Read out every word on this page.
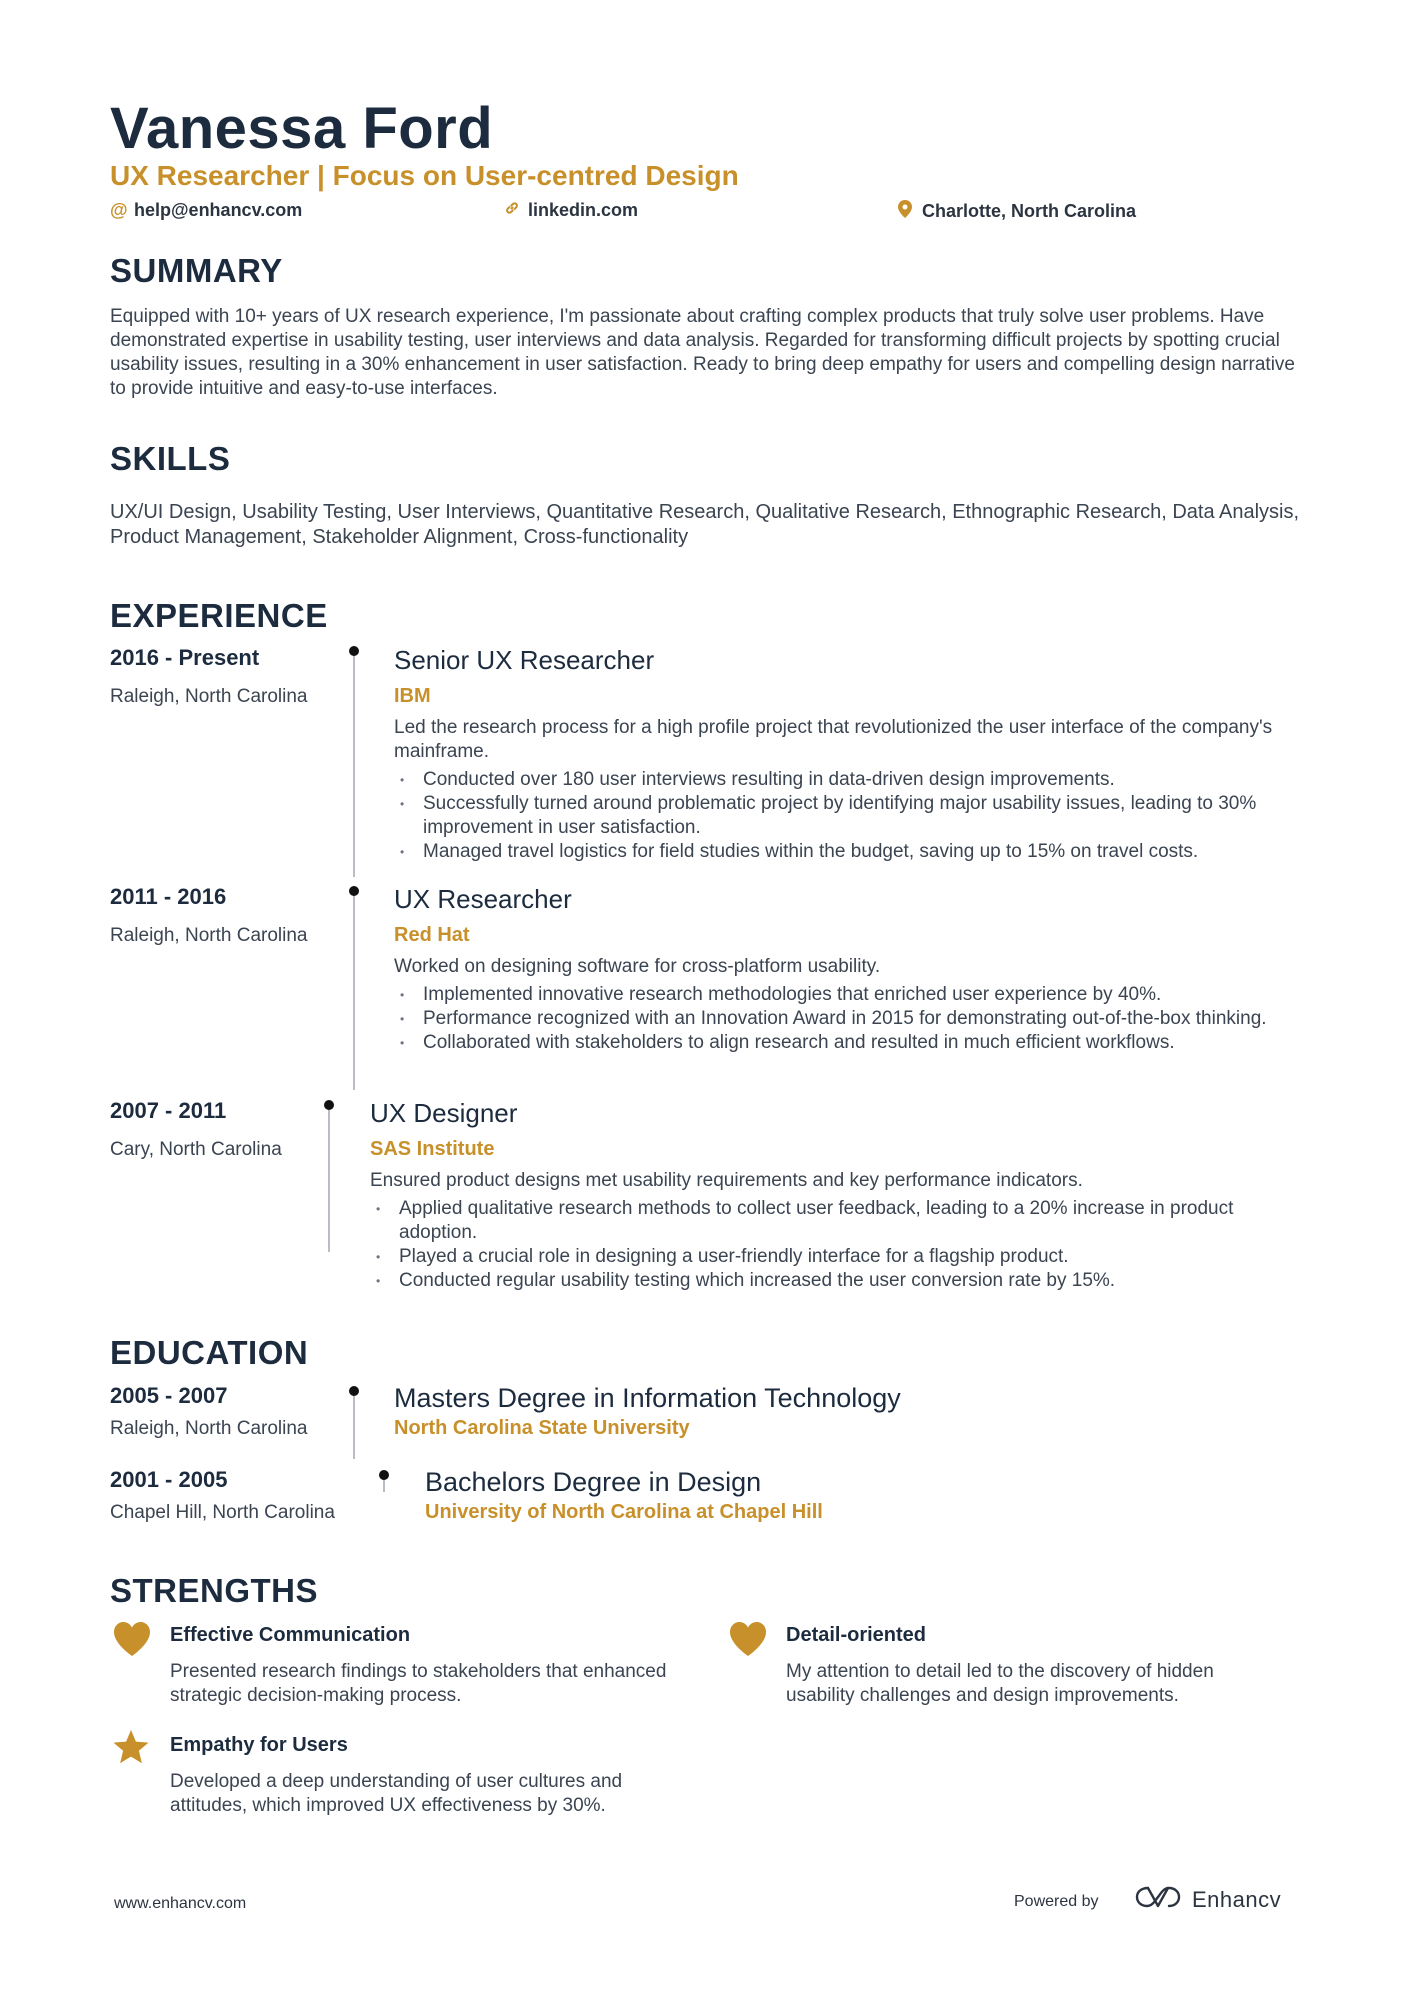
Vanessa Ford
UX Researcher | Focus on User-centred Design
@ help@enhancv.com	linkedin.com	Charlotte, North Carolina
SUMMARY
Equipped with 10+ years of UX research experience, I'm passionate about crafting complex products that truly solve user problems. Have demonstrated expertise in usability testing, user interviews and data analysis. Regarded for transforming difficult projects by spotting crucial usability issues, resulting in a 30% enhancement in user satisfaction. Ready to bring deep empathy for users and compelling design narrative to provide intuitive and easy-to-use interfaces.
SKILLS
UX/UI Design, Usability Testing, User Interviews, Quantitative Research, Qualitative Research, Ethnographic Research, Data Analysis, Product Management, Stakeholder Alignment, Cross-functionality
EXPERIENCE
2016 - Present
Raleigh, North Carolina
Senior UX Researcher
IBM
Led the research process for a high profile project that revolutionized the user interface of the company's mainframe.
• Conducted over 180 user interviews resulting in data-driven design improvements.
• Successfully turned around problematic project by identifying major usability issues, leading to 30% improvement in user satisfaction.
• Managed travel logistics for field studies within the budget, saving up to 15% on travel costs.
2011 - 2016
Raleigh, North Carolina
UX Researcher
Red Hat
Worked on designing software for cross-platform usability.
• Implemented innovative research methodologies that enriched user experience by 40%.
• Performance recognized with an Innovation Award in 2015 for demonstrating out-of-the-box thinking.
• Collaborated with stakeholders to align research and resulted in much efficient workflows.
2007 - 2011
Cary, North Carolina
UX Designer
SAS Institute
Ensured product designs met usability requirements and key performance indicators.
• Applied qualitative research methods to collect user feedback, leading to a 20% increase in product adoption.
• Played a crucial role in designing a user-friendly interface for a flagship product.
• Conducted regular usability testing which increased the user conversion rate by 15%.
EDUCATION
2005 - 2007
Raleigh, North Carolina
Masters Degree in Information Technology
North Carolina State University
2001 - 2005
Chapel Hill, North Carolina
Bachelors Degree in Design
University of North Carolina at Chapel Hill
STRENGTHS
Effective Communication
Presented research findings to stakeholders that enhanced strategic decision-making process.
Detail-oriented
My attention to detail led to the discovery of hidden usability challenges and design improvements.
Empathy for Users
Developed a deep understanding of user cultures and attitudes, which improved UX effectiveness by 30%.
www.enhancv.com	Powered by	Enhancv
